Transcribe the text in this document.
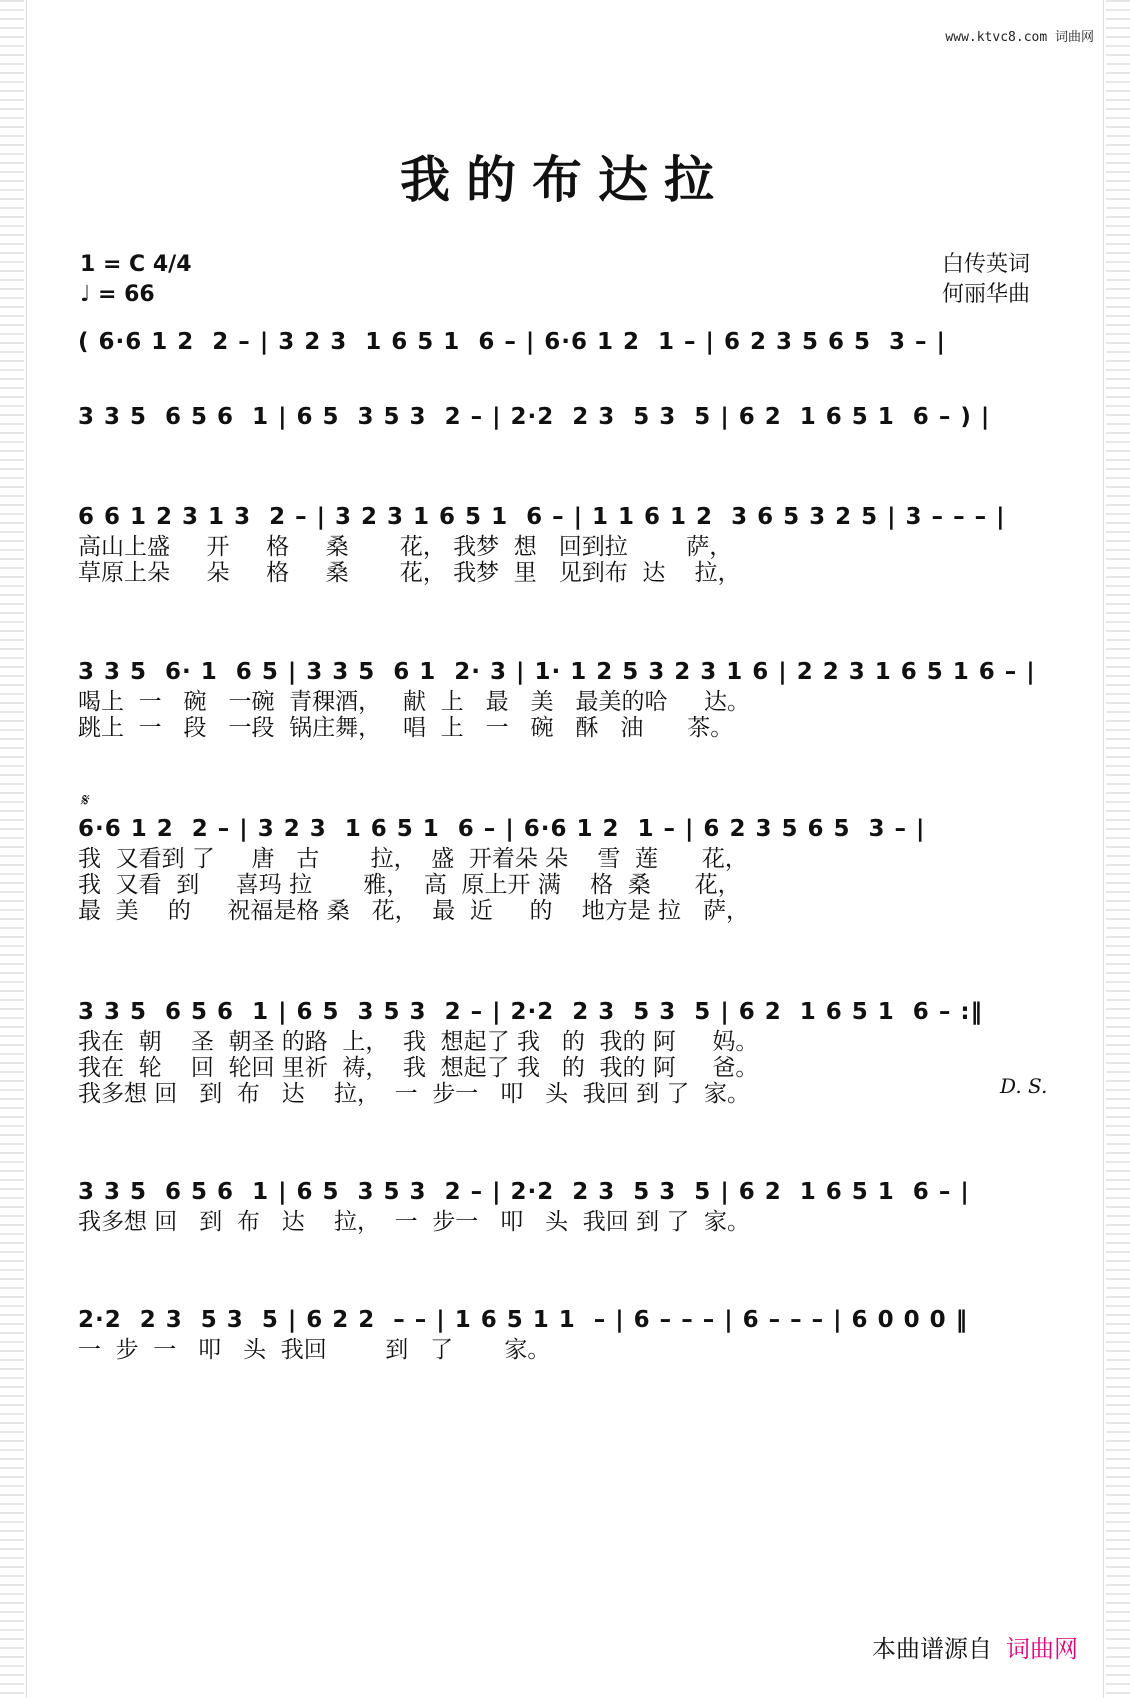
www.ktvc8.com 词曲网
我的布达拉
1 = C 4/4
♩ = 66
白传英词
何丽华曲
𝄋
D. S.
( 6·6 1 2  2 – | 3 2 3  1 6 5 1  6 – | 6·6 1 2  1 – | 6 2 3 5 6 5  3 – |
3 3 5  6 5 6  1 | 6 5  3 5 3  2 – | 2·2  2 3  5 3  5 | 6 2  1 6 5 1  6 – ) |
6 6 1 2 3 1 3  2 – | 3 2 3 1 6 5 1  6 – | 1 1 6 1 2  3 6 5 3 2 5 | 3 – – – |
高山上盛     开     格     桑       花， 我梦  想   回到拉        萨，
草原上朵     朵     格     桑       花， 我梦  里   见到布  达    拉，
3 3 5  6· 1  6 5 | 3 3 5  6 1  2· 3 | 1· 1 2 5 3 2 3 1 6 | 2 2 3 1 6 5 1 6 – |
喝上  一   碗   一碗  青稞酒，   献  上   最   美   最美的哈     达。
跳上  一   段   一段  锅庄舞，   唱  上   一   碗   酥   油      茶。
6·6 1 2  2 – | 3 2 3  1 6 5 1  6 – | 6·6 1 2  1 – | 6 2 3 5 6 5  3 – |
我  又看到 了     唐   古       拉，  盛  开着朵 朵    雪  莲      花，
我  又看  到     喜玛 拉       雅，  高  原上开 满    格  桑      花，
最  美    的     祝福是格 桑   花，  最  近     的    地方是 拉   萨，
3 3 5  6 5 6  1 | 6 5  3 5 3  2 – | 2·2  2 3  5 3  5 | 6 2  1 6 5 1  6 – :‖
我在  朝    圣  朝圣 的路  上，  我  想起了 我   的  我的 阿     妈。
我在  轮    回  轮回 里祈  祷，  我  想起了 我   的  我的 阿     爸。
我多想 回   到  布   达    拉，  一  步一   叩   头  我回 到 了  家。
3 3 5  6 5 6  1 | 6 5  3 5 3  2 – | 2·2  2 3  5 3  5 | 6 2  1 6 5 1  6 – |
我多想 回   到  布   达    拉，  一  步一   叩   头  我回 到 了  家。
2·2  2 3  5 3  5 | 6 2 2  – – | 1 6 5 1 1  – | 6 – – – | 6 – – – | 6 0 0 0 ‖
一  步  一   叩   头  我回        到   了       家。
本曲谱源自 词曲网
